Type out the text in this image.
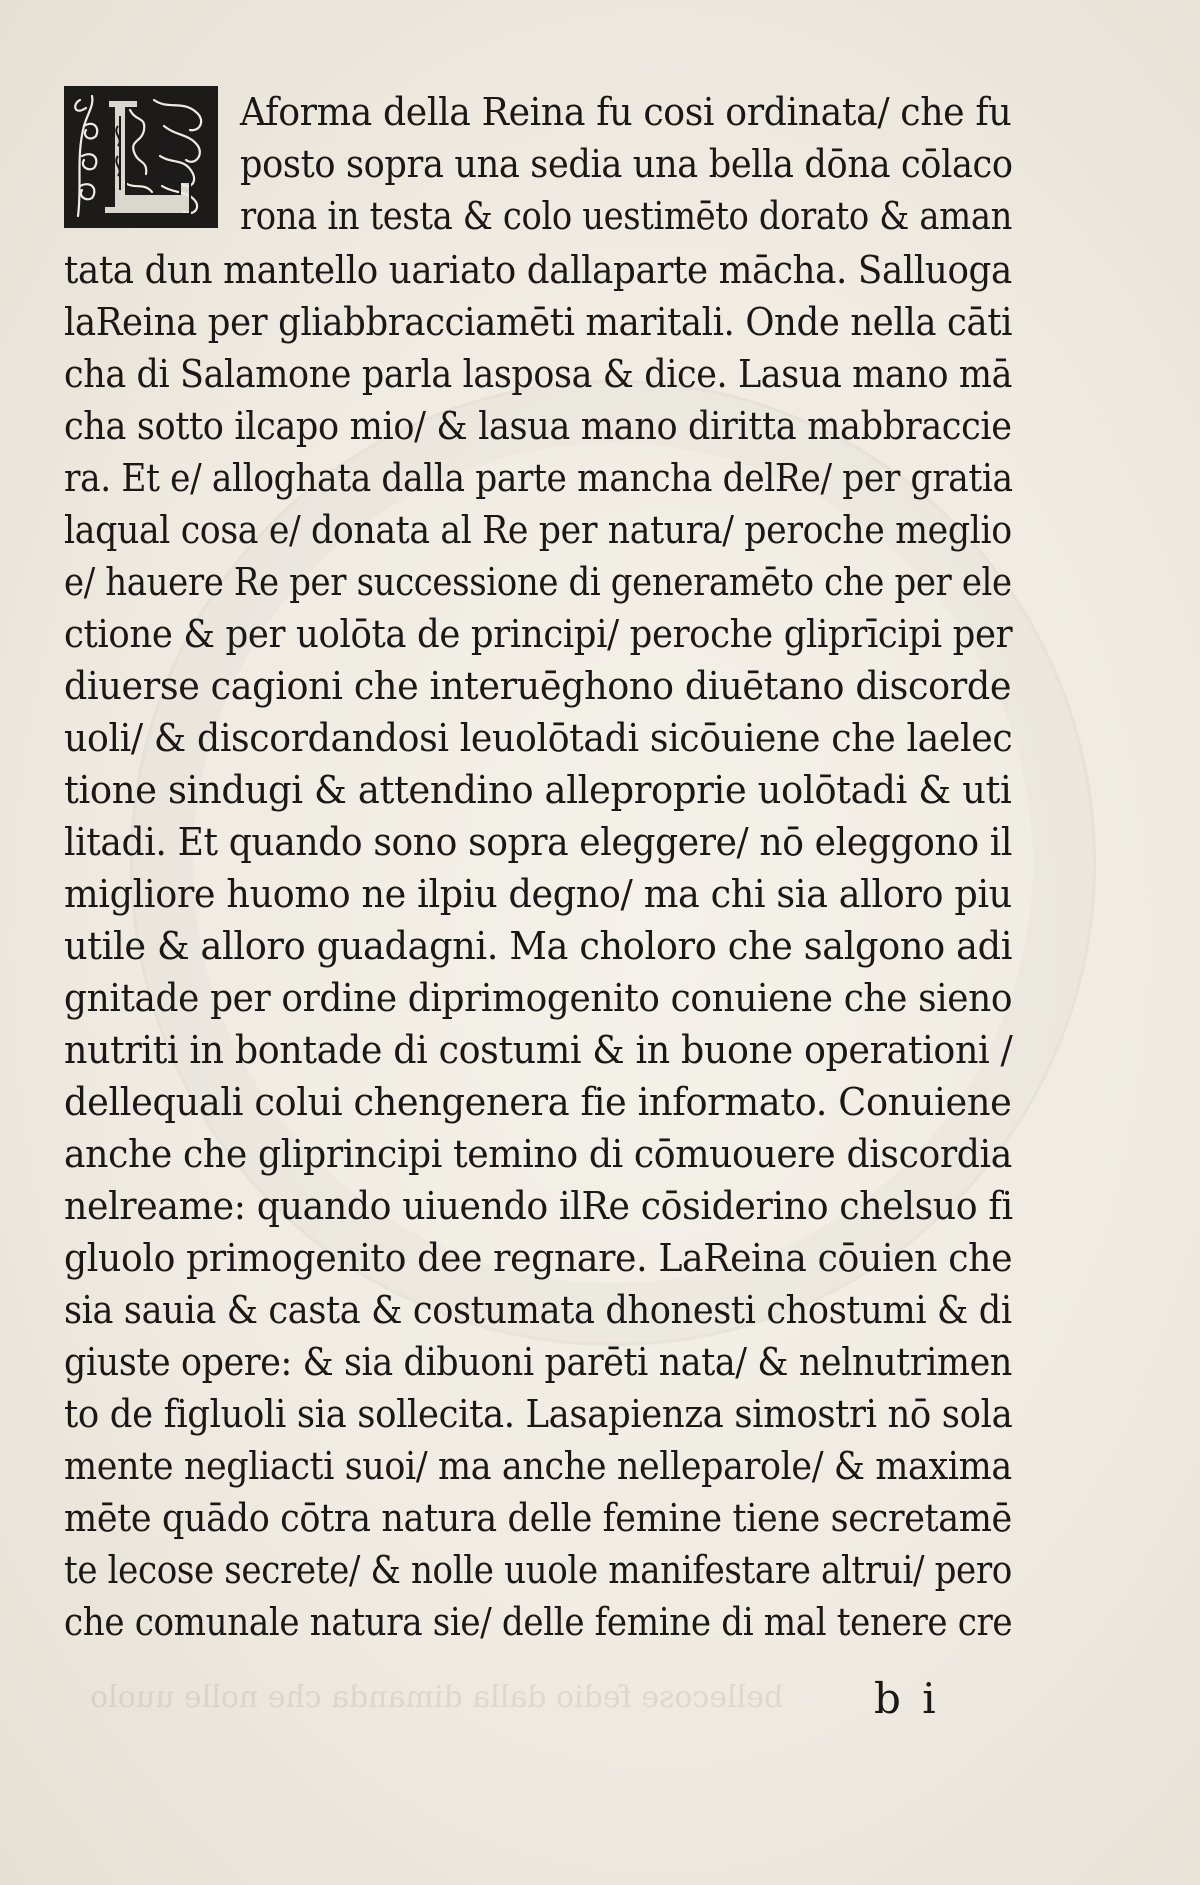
bellecose fedio dalla dimanda che nolle uuolo
Aforma della Reina fu cosi ordinata/ che fu
posto sopra una sedia una bella dōna cōlaco
rona in testa & colo uestimēto dorato & aman
tata dun mantello uariato dallaparte mācha. Salluoga
laReina per gliabbracciamēti maritali. Onde nella cāti
cha di Salamone parla lasposa & dice. Lasua mano mā
cha sotto ilcapo mio/ & lasua mano diritta mabbraccie
ra. Et e/ alloghata dalla parte mancha delRe/ per gratia
laqual cosa e/ donata al Re per natura/ peroche meglio
e/ hauere Re per successione di generamēto che per ele
ctione & per uolōta de principi/ peroche gliprīcipi per
diuerse cagioni che interuēghono diuētano discorde
uoli/ & discordandosi leuolōtadi sicōuiene che laelec
tione sindugi & attendino alleproprie uolōtadi & uti
litadi. Et quando sono sopra eleggere/ nō eleggono il
migliore huomo ne ilpiu degno/ ma chi sia alloro piu
utile & alloro guadagni. Ma choloro che salgono adi
gnitade per ordine diprimogenito conuiene che sieno
nutriti in bontade di costumi & in buone operationi /
dellequali colui chengenera fie informato. Conuiene
anche che gliprincipi temino di cōmuouere discordia
nelreame: quando uiuendo ilRe cōsiderino chelsuo fi
gluolo primogenito dee regnare. LaReina cōuien che
sia sauia & casta & costumata dhonesti chostumi & di
giuste opere: & sia dibuoni parēti nata/ & nelnutrimen
to de figluoli sia sollecita. Lasapienza simostri nō sola
mente negliacti suoi/ ma anche nelleparole/ & maxima
mēte quādo cōtra natura delle femine tiene secretamē
te lecose secrete/ & nolle uuole manifestare altrui/ pero
che comunale natura sie/ delle femine di mal tenere cre
b i
